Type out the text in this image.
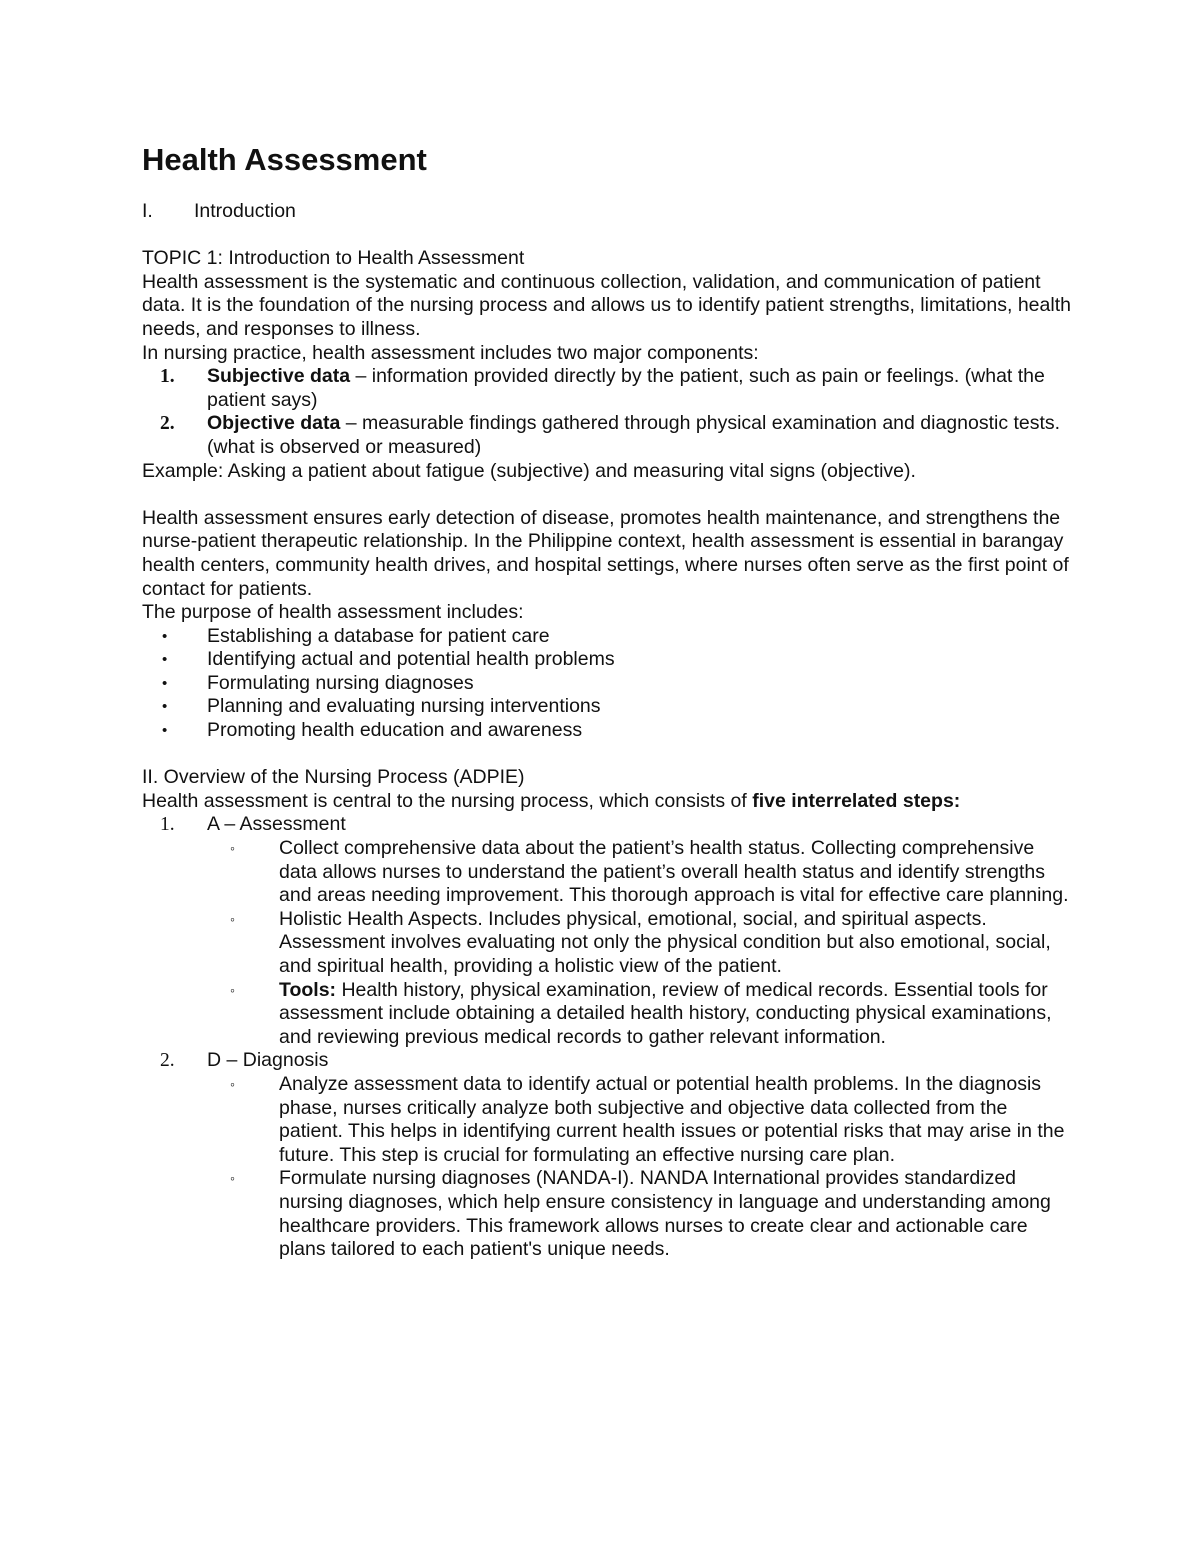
Health Assessment
I.	Introduction

TOPIC 1: Introduction to Health Assessment

Health assessment is the systematic and continuous collection, validation, and communication of patient data. It is the foundation of the nursing process and allows us to identify patient strengths, limitations, health needs, and responses to illness.

In nursing practice, health assessment includes two major components:

1.	Subjective data – information provided directly by the patient, such as pain or feelings. (what the patient says)
2.	Objective data – measurable findings gathered through physical examination and diagnostic tests. (what is observed or measured)

Example: Asking a patient about fatigue (subjective) and measuring vital signs (objective).

Health assessment ensures early detection of disease, promotes health maintenance, and strengthens the nurse-patient therapeutic relationship. In the Philippine context, health assessment is essential in barangay health centers, community health drives, and hospital settings, where nurses often serve as the first point of contact for patients.

The purpose of health assessment includes:

•	Establishing a database for patient care
•	Identifying actual and potential health problems
•	Formulating nursing diagnoses
•	Planning and evaluating nursing interventions
•	Promoting health education and awareness

II. Overview of the Nursing Process (ADPIE)

Health assessment is central to the nursing process, which consists of five interrelated steps:

1.	A – Assessment
◦	Collect comprehensive data about the patient’s health status. Collecting comprehensive data allows nurses to understand the patient’s overall health status and identify strengths and areas needing improvement. This thorough approach is vital for effective care planning.
◦	Holistic Health Aspects. Includes physical, emotional, social, and spiritual aspects. Assessment involves evaluating not only the physical condition but also emotional, social, and spiritual health, providing a holistic view of the patient.
◦	Tools: Health history, physical examination, review of medical records. Essential tools for assessment include obtaining a detailed health history, conducting physical examinations, and reviewing previous medical records to gather relevant information.
2.	D – Diagnosis
◦	Analyze assessment data to identify actual or potential health problems. In the diagnosis phase, nurses critically analyze both subjective and objective data collected from the patient. This helps in identifying current health issues or potential risks that may arise in the future. This step is crucial for formulating an effective nursing care plan.
◦	Formulate nursing diagnoses (NANDA-I). NANDA International provides standardized nursing diagnoses, which help ensure consistency in language and understanding among healthcare providers. This framework allows nurses to create clear and actionable care plans tailored to each patient's unique needs.
